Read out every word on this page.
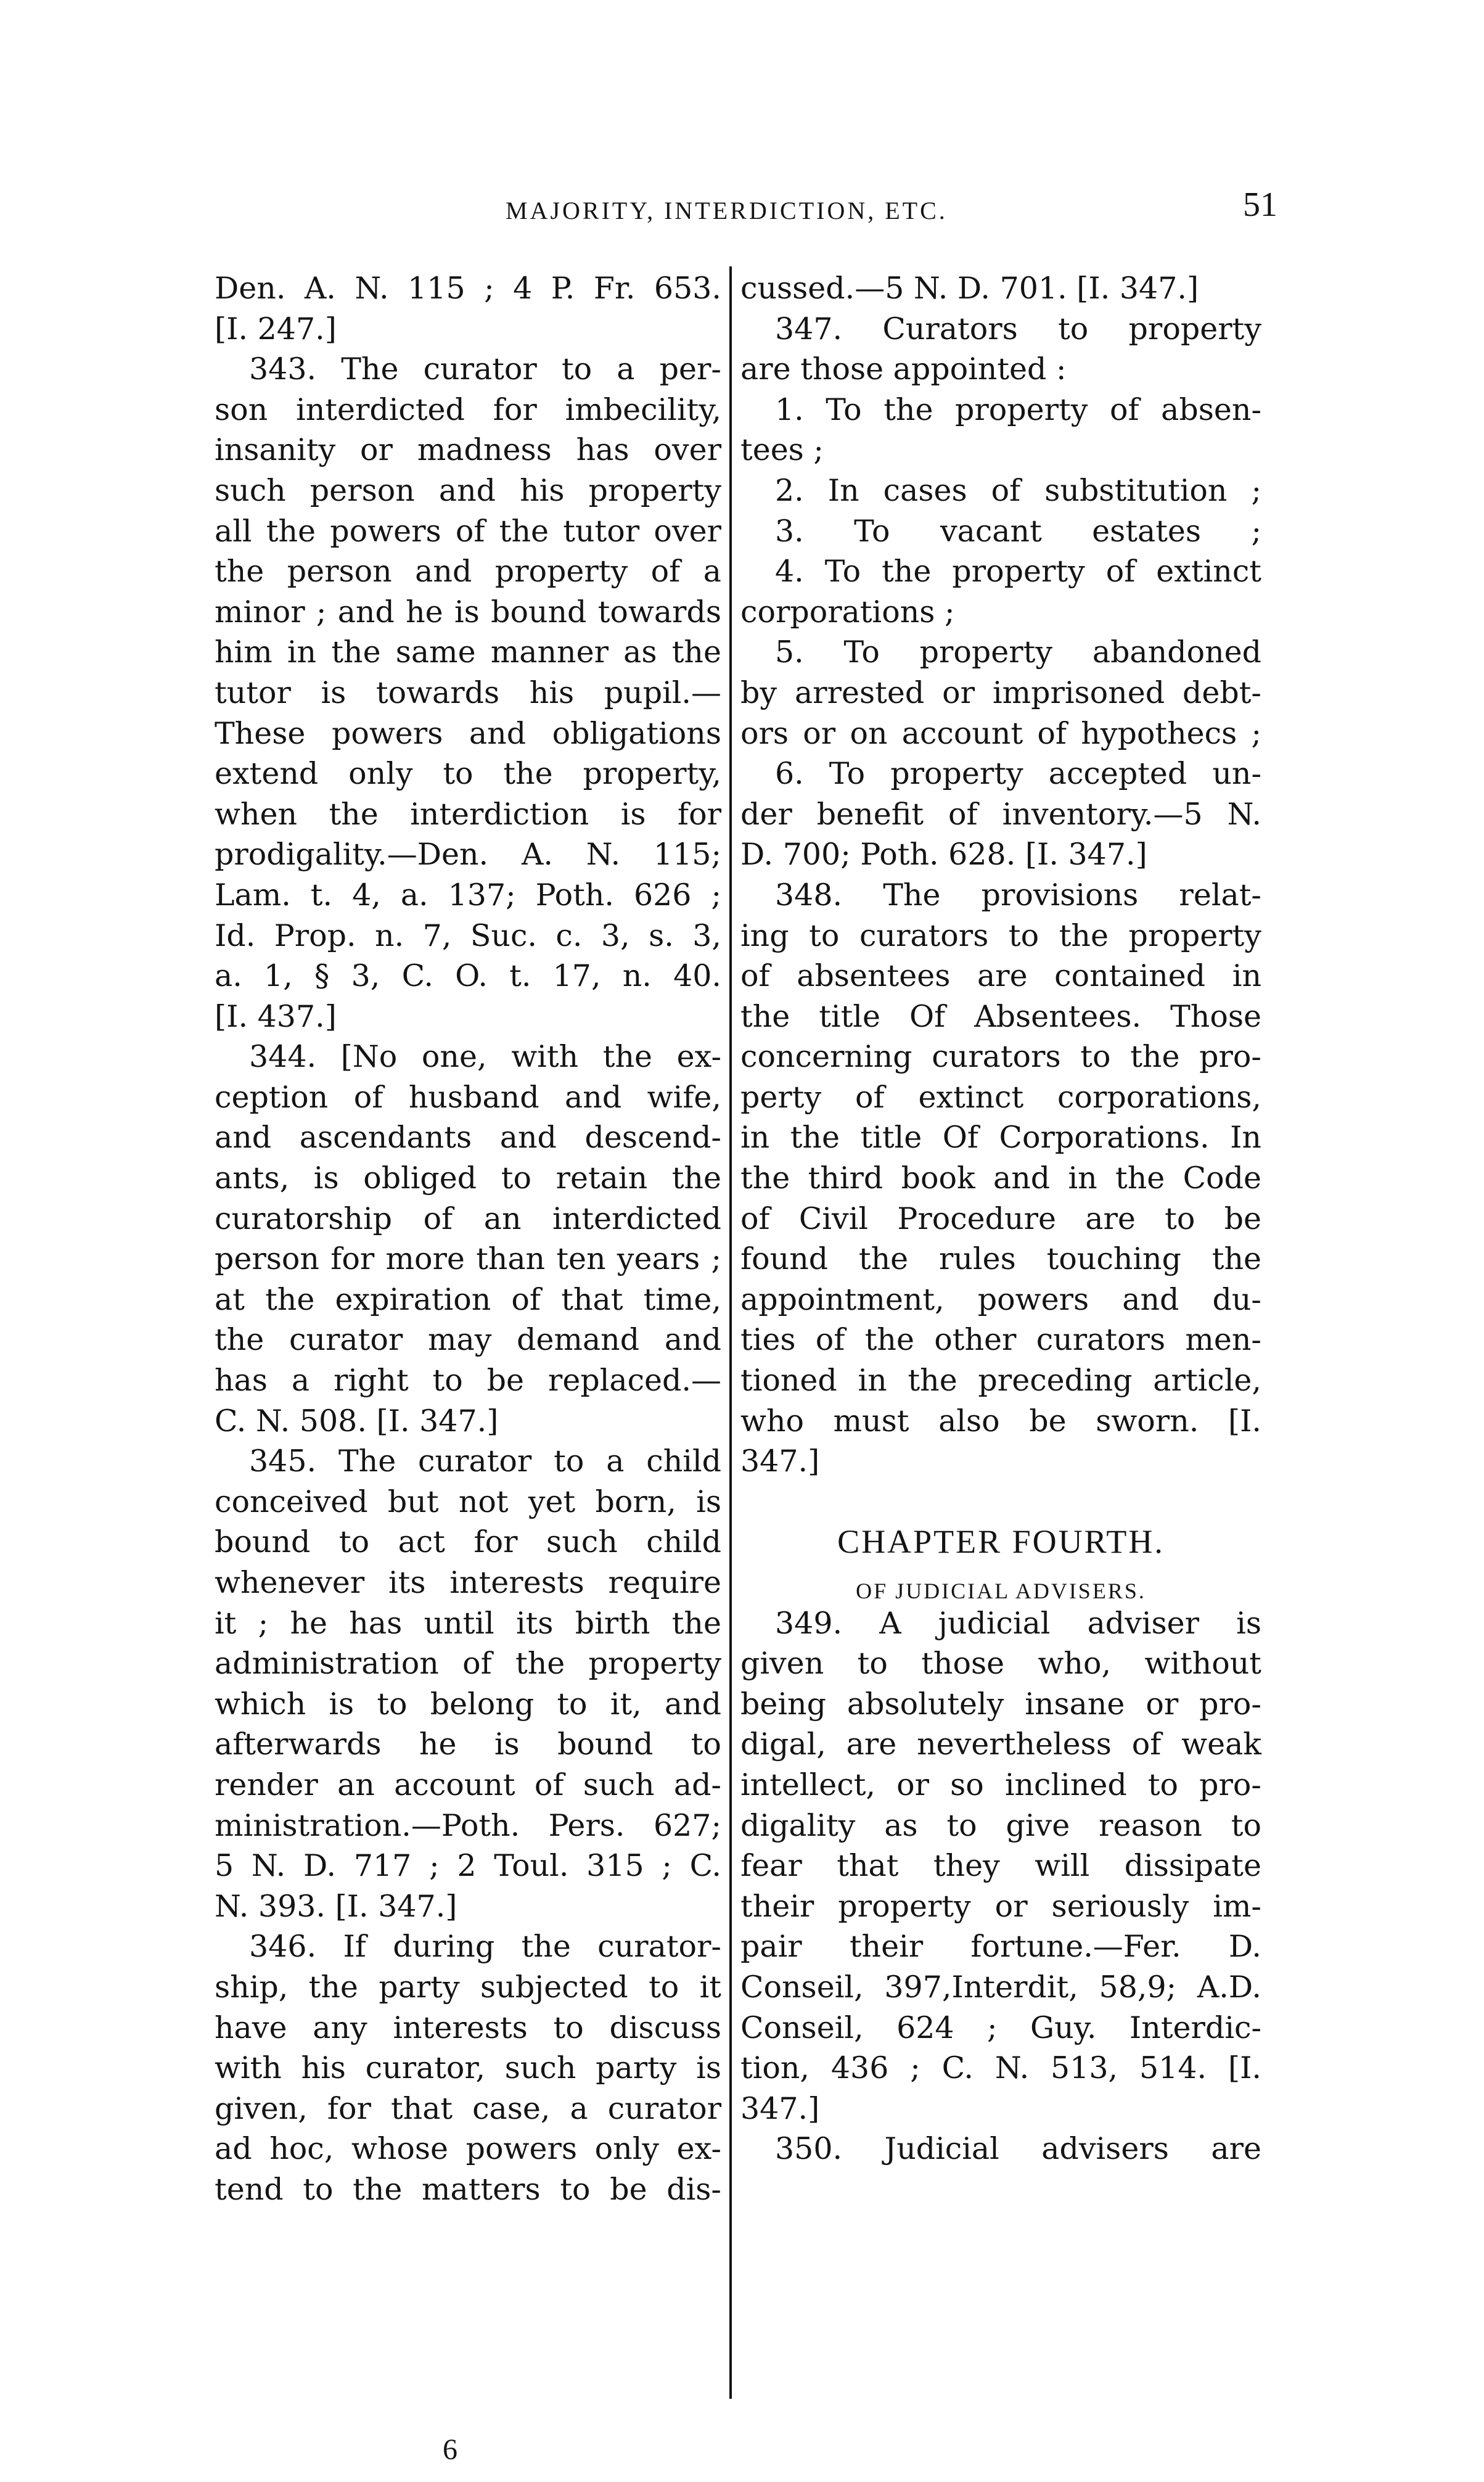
MAJORITY, INTERDICTION, ETC.	51
Den. A. N. 115 ; 4 P. Fr. 653.
[I. 247.]
343. The curator to a per-
son interdicted for imbecility,
insanity or madness has over
such person and his property
all the powers of the tutor over
the person and property of a
minor ; and he is bound towards
him in the same manner as the
tutor is towards his pupil.—
These powers and obligations
extend only to the property,
when the interdiction is for
prodigality.—Den. A. N. 115;
Lam. t. 4, a. 137; Poth. 626 ;
Id. Prop. n. 7, Suc. c. 3, s. 3,
a. 1, § 3, C. O. t. 17, n. 40.
[I. 437.]
344. [No one, with the ex-
ception of husband and wife,
and ascendants and descend-
ants, is obliged to retain the
curatorship of an interdicted
person for more than ten years ;
at the expiration of that time,
the curator may demand and
has a right to be replaced.—
C. N. 508. [I. 347.]
345. The curator to a child
conceived but not yet born, is
bound to act for such child
whenever its interests require
it ; he has until its birth the
administration of the property
which is to belong to it, and
afterwards he is bound to
render an account of such ad-
ministration.—Poth. Pers. 627;
5 N. D. 717 ; 2 Toul. 315 ; C.
N. 393. [I. 347.]
346. If during the curator-
ship, the party subjected to it
have any interests to discuss
with his curator, such party is
given, for that case, a curator
ad hoc, whose powers only ex-
tend to the matters to be dis-
cussed.—5 N. D. 701. [I. 347.]
347. Curators to property
are those appointed :
1. To the property of absen-
tees ;
2. In cases of substitution ;
3. To vacant estates ;
4. To the property of extinct
corporations ;
5. To property abandoned
by arrested or imprisoned debt-
ors or on account of hypothecs ;
6. To property accepted un-
der benefit of inventory.—5 N.
D. 700; Poth. 628. [I. 347.]
348. The provisions relat-
ing to curators to the property
of absentees are contained in
the title Of Absentees. Those
concerning curators to the pro-
perty of extinct corporations,
in the title Of Corporations. In
the third book and in the Code
of Civil Procedure are to be
found the rules touching the
appointment, powers and du-
ties of the other curators men-
tioned in the preceding article,
who must also be sworn. [I.
347.]
CHAPTER FOURTH.
OF JUDICIAL ADVISERS.
349. A judicial adviser is
given to those who, without
being absolutely insane or pro-
digal, are nevertheless of weak
intellect, or so inclined to pro-
digality as to give reason to
fear that they will dissipate
their property or seriously im-
pair their fortune.—Fer. D.
Conseil, 397,Interdit, 58,9; A.D.
Conseil, 624 ; Guy. Interdic-
tion, 436 ; C. N. 513, 514. [I.
347.]
350. Judicial advisers are
6
